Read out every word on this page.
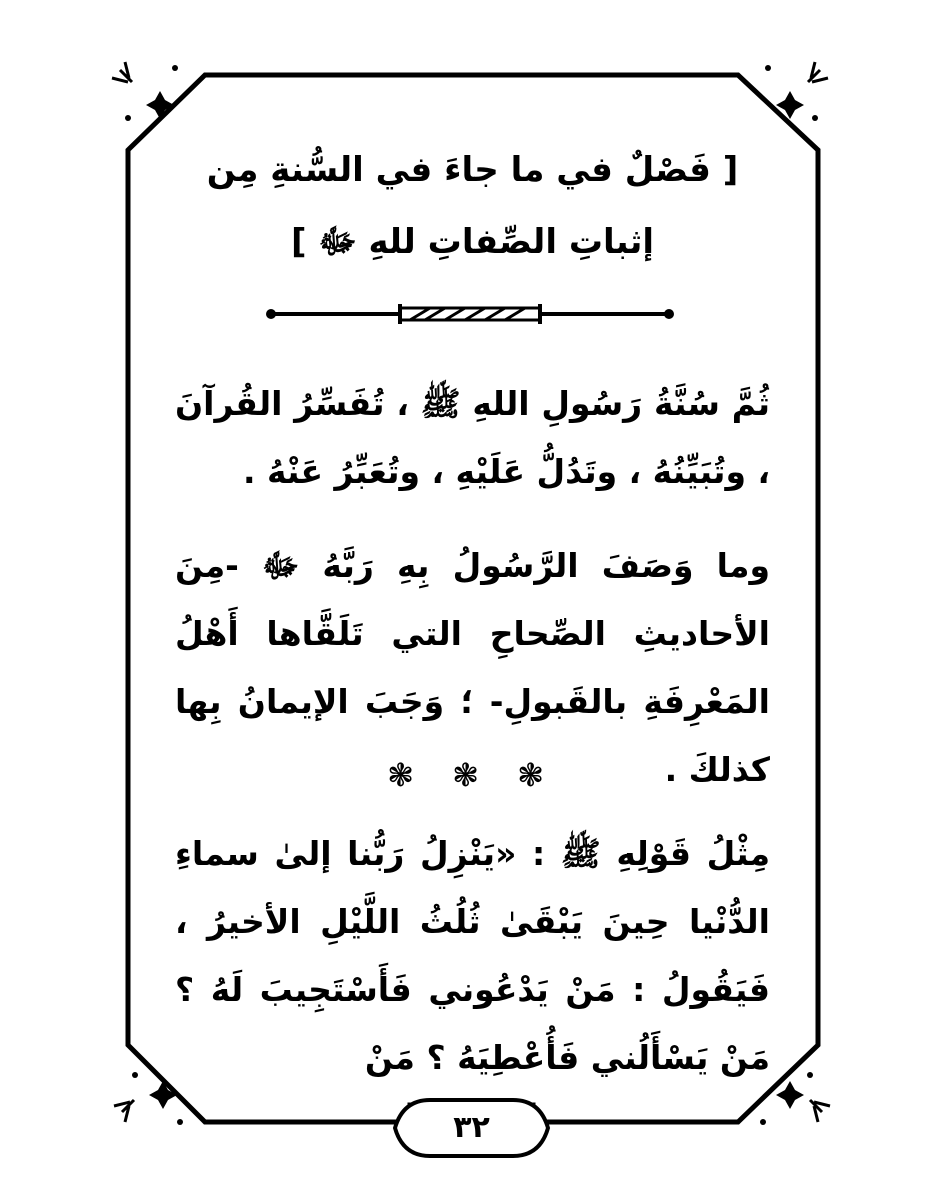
[ فَصْلٌ في ما جاءَ في السُّنةِ مِن
إثباتِ الصِّفاتِ للهِ ﷻ ]
ثُمَّ سُنَّةُ رَسُولِ اللهِ ﷺ ، تُفَسِّرُ القُرآنَ ، وتُبَيِّنُهُ ، وتَدُلُّ عَلَيْهِ ، وتُعَبِّرُ عَنْهُ .
وما وَصَفَ الرَّسُولُ بِهِ رَبَّهُ ﷻ -مِنَ الأحاديثِ الصِّحاحِ التي تَلَقَّاها أَهْلُ المَعْرِفَةِ بالقَبولِ- ؛ وَجَبَ الإيمانُ بِها كذلكَ .
❃ ❃ ❃
مِثْلُ قَوْلِهِ ﷺ : «يَنْزِلُ رَبُّنا إلىٰ سماءِ الدُّنْيا حِينَ يَبْقَىٰ ثُلُثُ اللَّيْلِ الأخيرُ ، فَيَقُولُ : مَنْ يَدْعُوني فَأَسْتَجِيبَ لَهُ ؟ مَنْ يَسْأَلُني فَأُعْطِيَهُ ؟ مَنْ
٣٢
